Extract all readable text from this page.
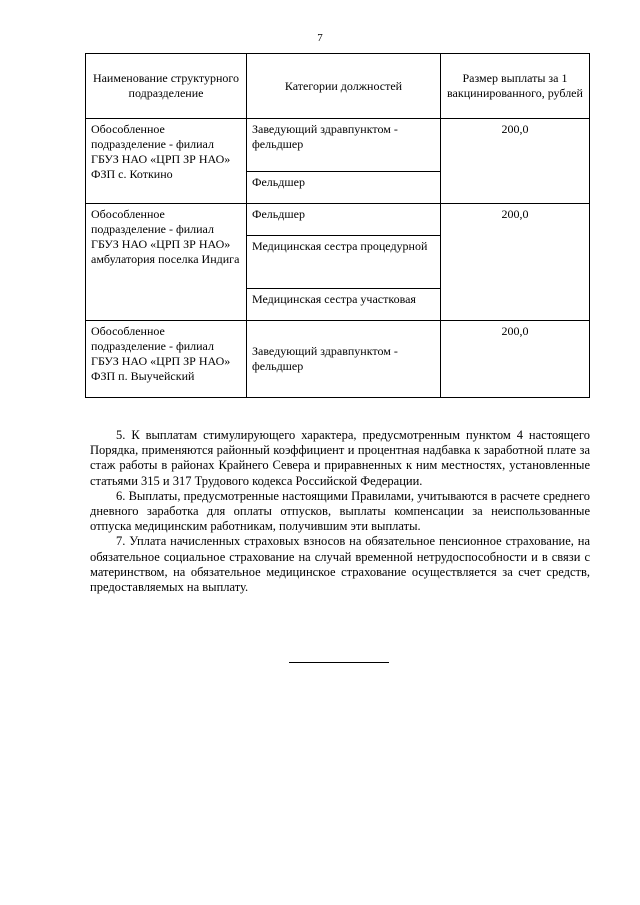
7
Наименование структурного подразделение	Категории должностей	Размер выплаты за 1 вакцинированного, рублей
Обособленное подразделение - филиал ГБУЗ НАО «ЦРП ЗР НАО» ФЗП с. Коткино	Заведующий здравпунктом - фельдшер	200,0
	Фельдшер	
Обособленное подразделение - филиал ГБУЗ НАО «ЦРП ЗР НАО» амбулатория поселка Индига	Фельдшер	200,0
	Медицинская сестра процедурной	
	Медицинская сестра участковая	
Обособленное подразделение - филиал ГБУЗ НАО «ЦРП ЗР НАО» ФЗП п. Выучейский	Заведующий здравпунктом - фельдшер	200,0

5. К выплатам стимулирующего характера, предусмотренным пунктом 4 настоящего Порядка, применяются районный коэффициент и процентная надбавка к заработной плате за стаж работы в районах Крайнего Севера и приравненных к ним местностях, установленные статьями 315 и 317 Трудового кодекса Российской Федерации.

6. Выплаты, предусмотренные настоящими Правилами, учитываются в расчете среднего дневного заработка для оплаты отпусков, выплаты компенсации за неиспользованные отпуска медицинским работникам, получившим эти выплаты.

7. Уплата начисленных страховых взносов на обязательное пенсионное страхование, на обязательное социальное страхование на случай временной нетрудоспособности и в связи с материнством, на обязательное медицинское страхование осуществляется за счет средств, предоставляемых на выплату.
